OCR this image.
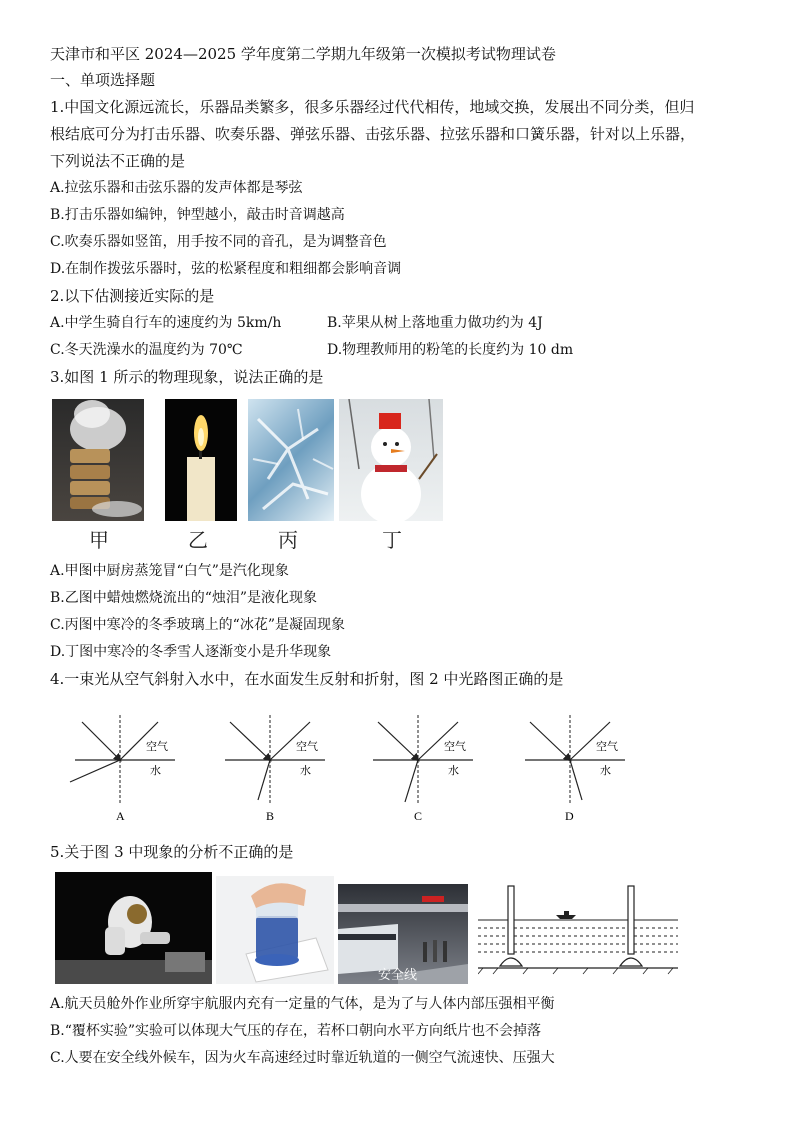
天津市和平区 2024—2025 学年度第二学期九年级第一次模拟考试物理试卷
一、单项选择题
1.中国文化源远流长，乐器品类繁多，很多乐器经过代代相传，地域交换，发展出不同分类，但归
根结底可分为打击乐器、吹奏乐器、弹弦乐器、击弦乐器、拉弦乐器和口簧乐器，针对以上乐器，
下列说法不正确的是
A.拉弦乐器和击弦乐器的发声体都是琴弦
B.打击乐器如编钟，钟型越小，敲击时音调越高
C.吹奏乐器如竖笛，用手按不同的音孔，是为调整音色
D.在制作拨弦乐器时，弦的松紧程度和粗细都会影响音调
2.以下估测接近实际的是
A.中学生骑自行车的速度约为 5km/h	B.苹果从树上落地重力做功约为 4J
C.冬天洗澡水的温度约为 70℃	D.物理教师用的粉笔的长度约为 10 dm
3.如图 1 所示的物理现象，说法正确的是
甲	乙	丙	丁
A.甲图中厨房蒸笼冒“白气”是汽化现象
B.乙图中蜡烛燃烧流出的“烛泪”是液化现象
C.丙图中寒冷的冬季玻璃上的“冰花”是凝固现象
D.丁图中寒冷的冬季雪人逐渐变小是升华现象
4.一束光从空气斜射入水中，在水面发生反射和折射，图 2 中光路图正确的是
空气
水
A
空气
水
B
空气
水
C
空气
水
D
5.关于图 3 中现象的分析不正确的是
安全线
A.航天员舱外作业所穿宇航服内充有一定量的气体，是为了与人体内部压强相平衡
B.“覆杯实验”实验可以体现大气压的存在，若杯口朝向水平方向纸片也不会掉落
C.人要在安全线外候车，因为火车高速经过时靠近轨道的一侧空气流速快、压强大
